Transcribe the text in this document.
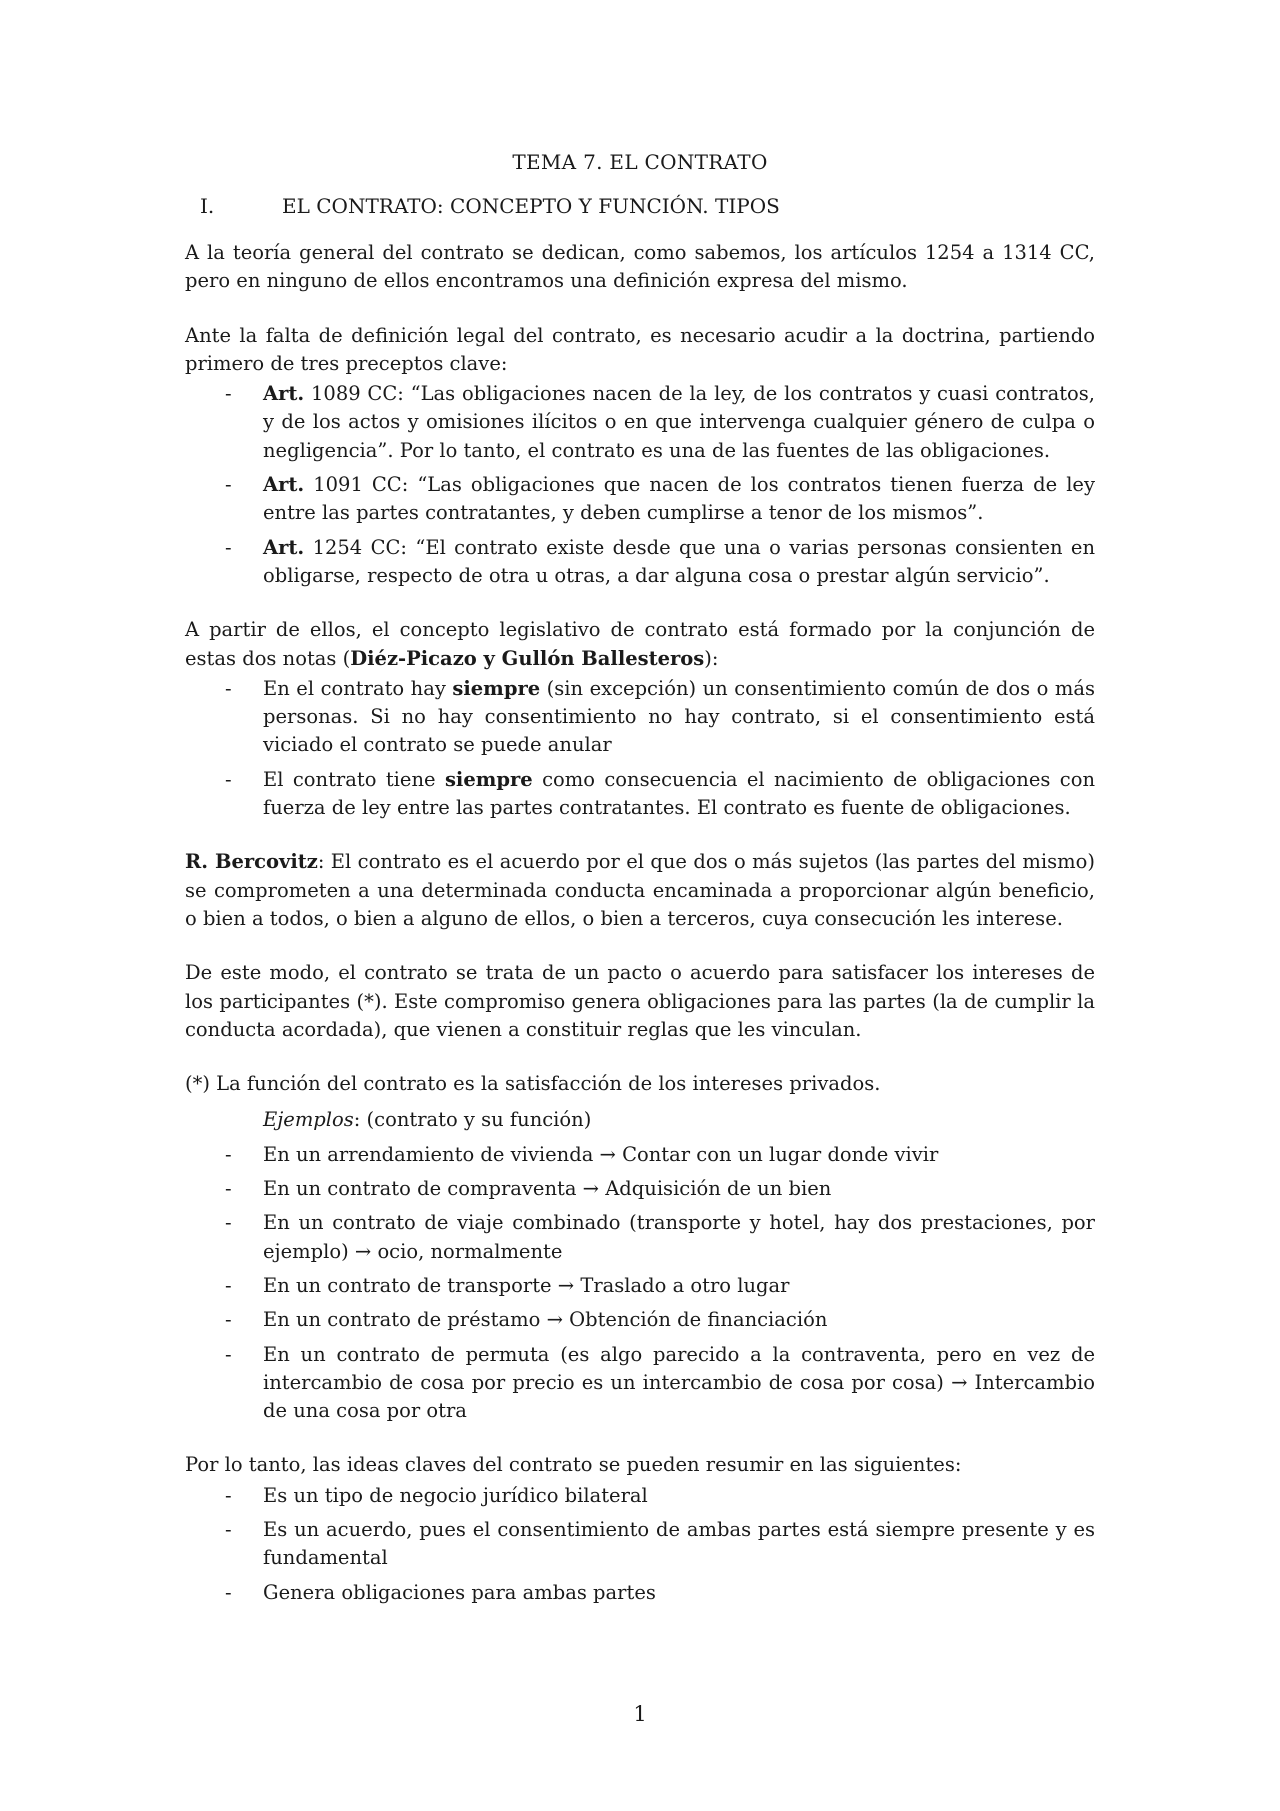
TEMA 7. EL CONTRATO
I.	EL CONTRATO: CONCEPTO Y FUNCIÓN. TIPOS

A la teoría general del contrato se dedican, como sabemos, los artículos 1254 a 1314 CC, pero en ninguno de ellos encontramos una definición expresa del mismo.

Ante la falta de definición legal del contrato, es necesario acudir a la doctrina, partiendo primero de tres preceptos clave:

- Art. 1089 CC: “Las obligaciones nacen de la ley, de los contratos y cuasi contratos, y de los actos y omisiones ilícitos o en que intervenga cualquier género de culpa o negligencia”. Por lo tanto, el contrato es una de las fuentes de las obligaciones.
- Art. 1091 CC: “Las obligaciones que nacen de los contratos tienen fuerza de ley entre las partes contratantes, y deben cumplirse a tenor de los mismos”.
- Art. 1254 CC: “El contrato existe desde que una o varias personas consienten en obligarse, respecto de otra u otras, a dar alguna cosa o prestar algún servicio”.

A partir de ellos, el concepto legislativo de contrato está formado por la conjunción de estas dos notas (Diéz-Picazo y Gullón Ballesteros):

- En el contrato hay siempre (sin excepción) un consentimiento común de dos o más personas. Si no hay consentimiento no hay contrato, si el consentimiento está viciado el contrato se puede anular
- El contrato tiene siempre como consecuencia el nacimiento de obligaciones con fuerza de ley entre las partes contratantes. El contrato es fuente de obligaciones.

R. Bercovitz: El contrato es el acuerdo por el que dos o más sujetos (las partes del mismo) se comprometen a una determinada conducta encaminada a proporcionar algún beneficio, o bien a todos, o bien a alguno de ellos, o bien a terceros, cuya consecución les interese.

De este modo, el contrato se trata de un pacto o acuerdo para satisfacer los intereses de los participantes (*). Este compromiso genera obligaciones para las partes (la de cumplir la conducta acordada), que vienen a constituir reglas que les vinculan.

(*) La función del contrato es la satisfacción de los intereses privados.

Ejemplos: (contrato y su función)
- En un arrendamiento de vivienda → Contar con un lugar donde vivir
- En un contrato de compraventa → Adquisición de un bien
- En un contrato de viaje combinado (transporte y hotel, hay dos prestaciones, por ejemplo) → ocio, normalmente
- En un contrato de transporte → Traslado a otro lugar
- En un contrato de préstamo → Obtención de financiación
- En un contrato de permuta (es algo parecido a la contraventa, pero en vez de intercambio de cosa por precio es un intercambio de cosa por cosa) → Intercambio de una cosa por otra

Por lo tanto, las ideas claves del contrato se pueden resumir en las siguientes:

- Es un tipo de negocio jurídico bilateral
- Es un acuerdo, pues el consentimiento de ambas partes está siempre presente y es fundamental
- Genera obligaciones para ambas partes
1
